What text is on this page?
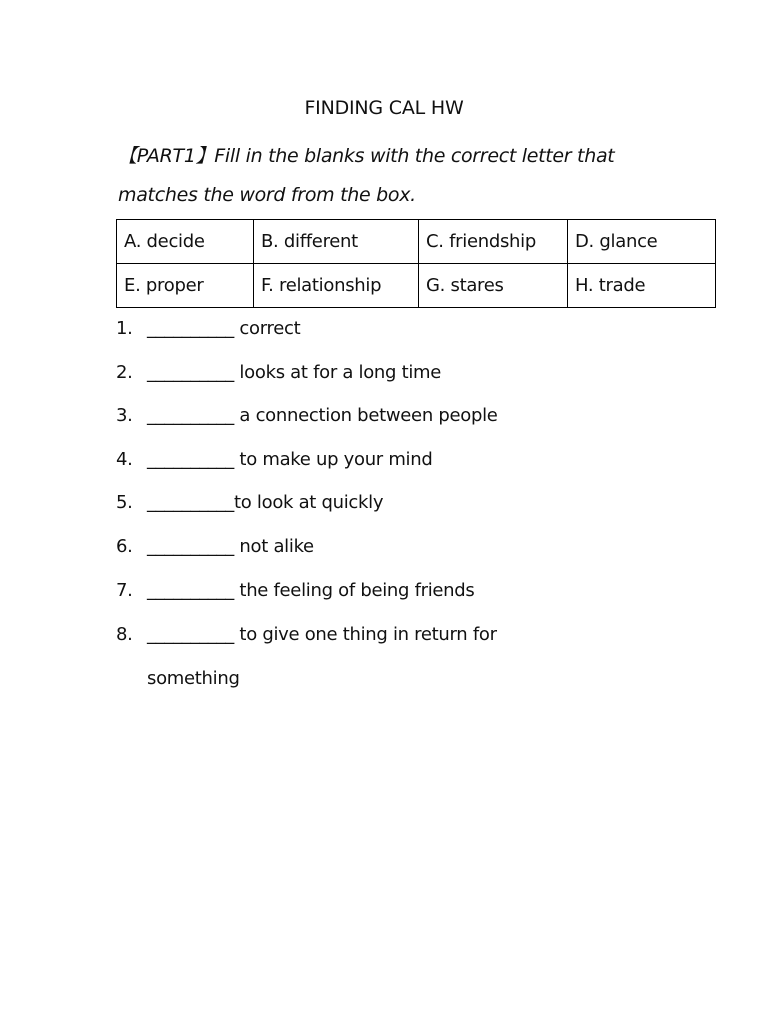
FINDING CAL HW
【PART1】Fill in the blanks with the correct letter that
matches the word from the box.
A. decide	B. different	C. friendship	D. glance
E. proper	F. relationship	G. stares	H. trade
1. __________ correct
2. __________ looks at for a long time
3. __________ a connection between people
4. __________ to make up your mind
5. __________to look at quickly
6. __________ not alike
7. __________ the feeling of being friends
8. __________ to give one thing in return for
something
